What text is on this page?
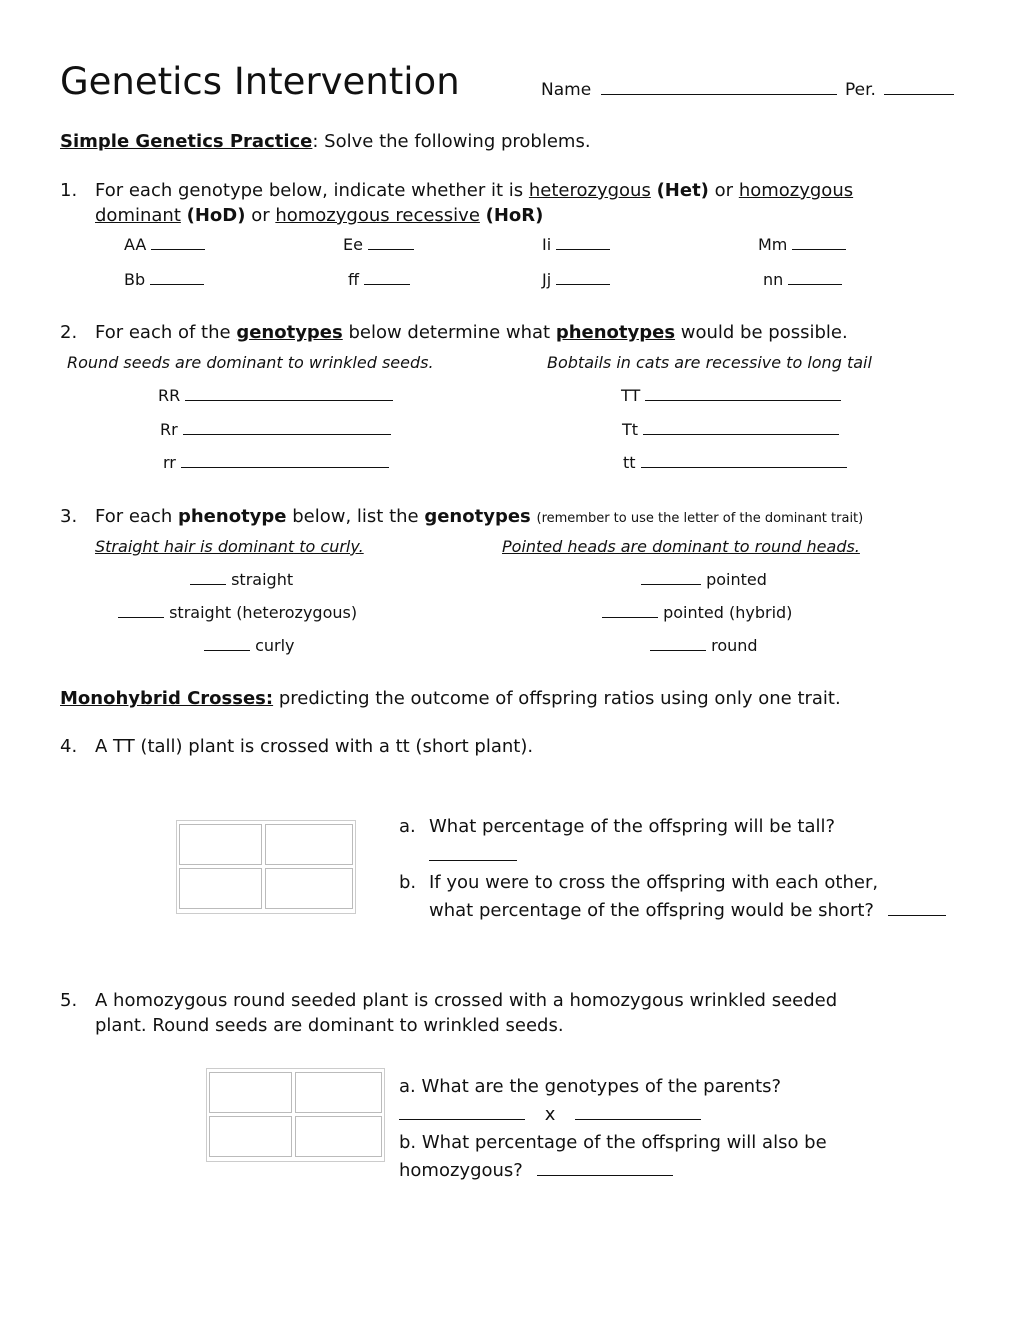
Genetics Intervention	Name	Per.
Simple Genetics Practice: Solve the following problems.
1. For each genotype below, indicate whether it is heterozygous (Het) or homozygous
dominant (HoD) or homozygous recessive (HoR)
AA	Ee	Ii	Mm
Bb	ff	Jj	nn
2. For each of the genotypes below determine what phenotypes would be possible.
Round seeds are dominant to wrinkled seeds.	Bobtails in cats are recessive to long tail
RR
Rr
rr
TT
Tt
tt
3. For each phenotype below, list the genotypes (remember to use the letter of the dominant trait)
Straight hair is dominant to curly.	Pointed heads are dominant to round heads.
straight
straight (heterozygous)
curly
pointed
pointed (hybrid)
round
Monohybrid Crosses: predicting the outcome of offspring ratios using only one trait.
4. A TT (tall) plant is crossed with a tt (short plant).
a. What percentage of the offspring will be tall?
b. If you were to cross the offspring with each other,
what percentage of the offspring would be short?
5. A homozygous round seeded plant is crossed with a homozygous wrinkled seeded
plant. Round seeds are dominant to wrinkled seeds.
a. What are the genotypes of the parents?
x
b. What percentage of the offspring will also be
homozygous?
